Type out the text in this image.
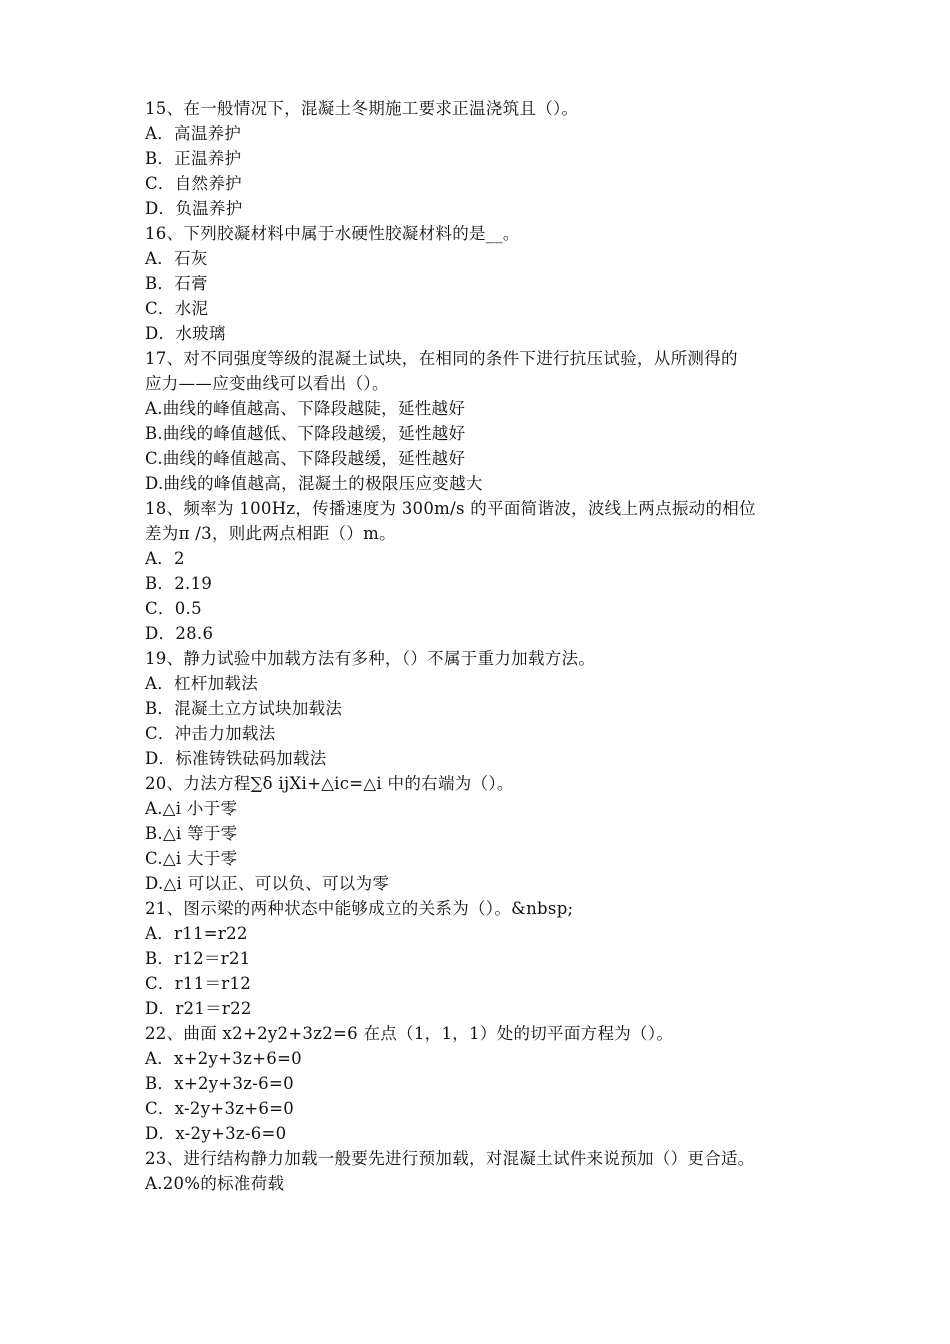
15、在一般情况下，混凝土冬期施工要求正温浇筑且（）。
A．高温养护
B．正温养护
C．自然养护
D．负温养护
16、下列胶凝材料中属于水硬性胶凝材料的是__。
A．石灰
B．石膏
C．水泥
D．水玻璃
17、对不同强度等级的混凝土试块，在相同的条件下进行抗压试验，从所测得的
应力——应变曲线可以看出（）。
A.曲线的峰值越高、下降段越陡，延性越好
B.曲线的峰值越低、下降段越缓，延性越好
C.曲线的峰值越高、下降段越缓，延性越好
D.曲线的峰值越高，混凝土的极限压应变越大
18、频率为 100Hz，传播速度为 300m/s 的平面简谐波，波线上两点振动的相位
差为π /3，则此两点相距（）m。
A．2
B．2.19
C．0.5
D．28.6
19、静力试验中加载方法有多种，（）不属于重力加载方法。
A．杠杆加载法
B．混凝土立方试块加载法
C．冲击力加载法
D．标准铸铁砝码加载法
20、力法方程∑δ ijXi+△ic=△i 中的右端为（）。
A.△i 小于零
B.△i 等于零
C.△i 大于零
D.△i 可以正、可以负、可以为零
21、图示梁的两种状态中能够成立的关系为（）。&nbsp;
A．r11=r22
B．r12＝r21
C．r11＝r12
D．r21＝r22
22、曲面 x2+2y2+3z2=6 在点（1，1，1）处的切平面方程为（）。
A．x+2y+3z+6=0
B．x+2y+3z-6=0
C．x-2y+3z+6=0
D．x-2y+3z-6=0
23、进行结构静力加载一般要先进行预加载，对混凝土试件来说预加（）更合适。
A.20%的标准荷载
